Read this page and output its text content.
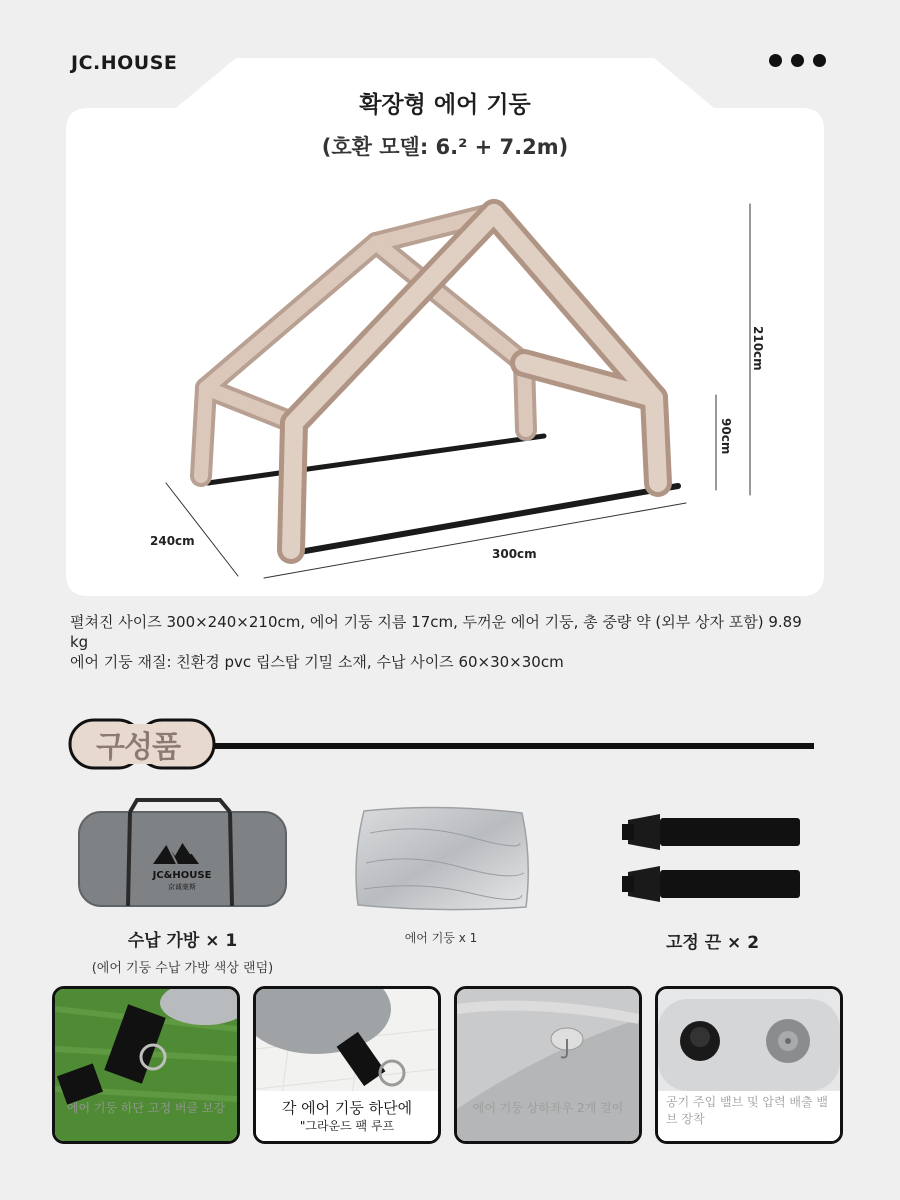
JC.HOUSE
확장형 에어 기둥
(호환 모델: 6.² + 7.2m)
210cm
90cm
240cm
300cm
펼쳐진 사이즈 300×240×210cm, 에어 기둥 지름 17cm, 두꺼운 에어 기둥, 총 중량 약 (외부 상자 포함) 9.89
kg
에어 기둥 재질: 친환경 pvc 립스탑 기밀 소재, 수납 사이즈 60×30×30cm
구성품
JC&HOUSE
京诚豪斯
수납 가방 × 1
(에어 기둥 수납 가방 색상 랜덤)
에어 기둥 x 1	고정 끈 × 2
에어 기둥 하단 고정 버클 보강	각 에어 기둥 하단에
"그라운드 팩 루프
에어 기둥 상하좌우 2개 걸이	공기 주입 밸브 및 압력 배출 밸브 장착
